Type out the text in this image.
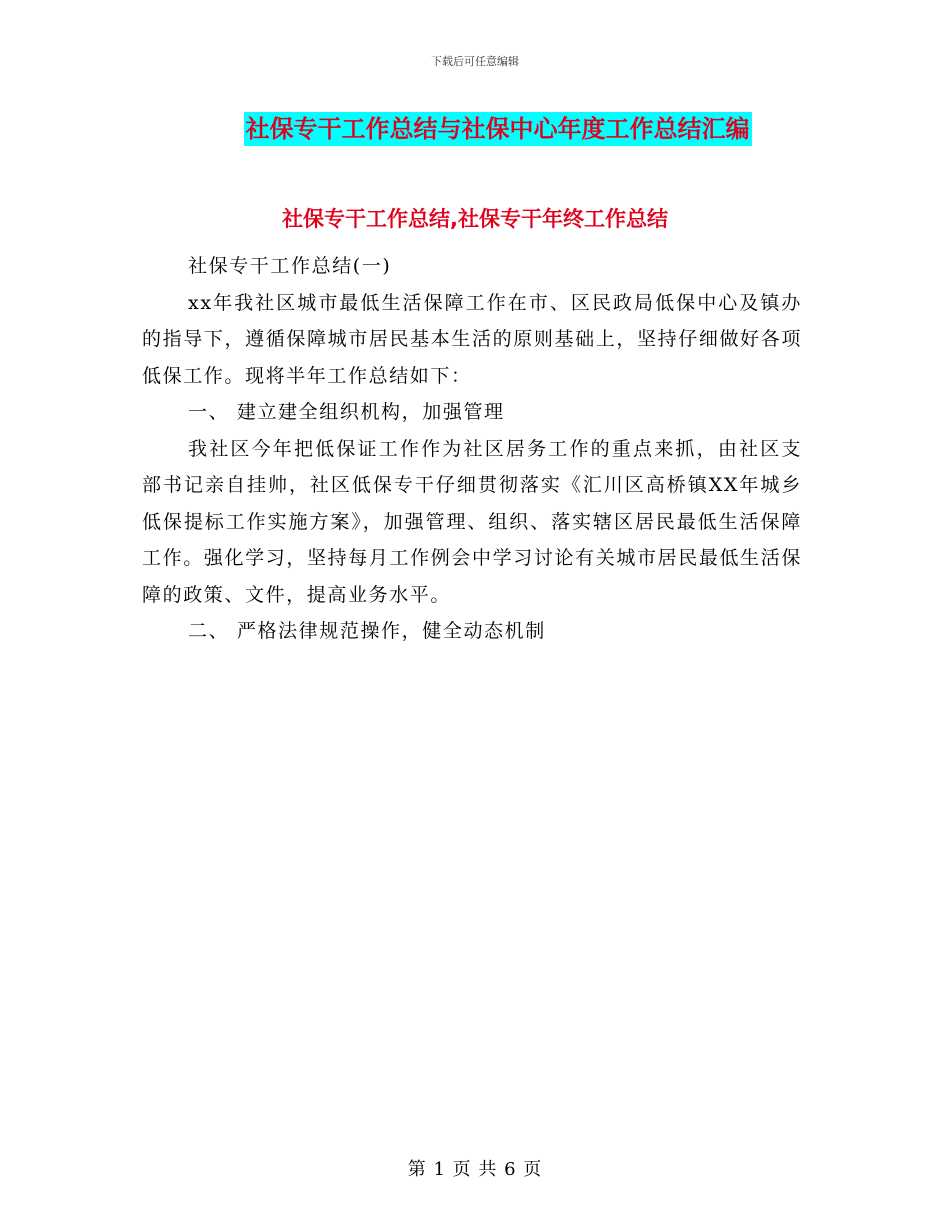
下载后可任意编辑
社保专干工作总结与社保中心年度工作总结汇编
社保专干工作总结,社保专干年终工作总结

社保专干工作总结(一)

xx年我社区城市最低生活保障工作在市、区民政局低保中心及镇办的指导下，遵循保障城市居民基本生活的原则基础上，坚持仔细做好各项低保工作。现将半年工作总结如下：

一、 建立建全组织机构，加强管理

我社区今年把低保证工作作为社区居务工作的重点来抓，由社区支部书记亲自挂帅，社区低保专干仔细贯彻落实《汇川区高桥镇XX年城乡低保提标工作实施方案》，加强管理、组织、落实辖区居民最低生活保障工作。强化学习，坚持每月工作例会中学习讨论有关城市居民最低生活保障的政策、文件，提高业务水平。

二、 严格法律规范操作，健全动态机制

第 1 页 共 6 页
